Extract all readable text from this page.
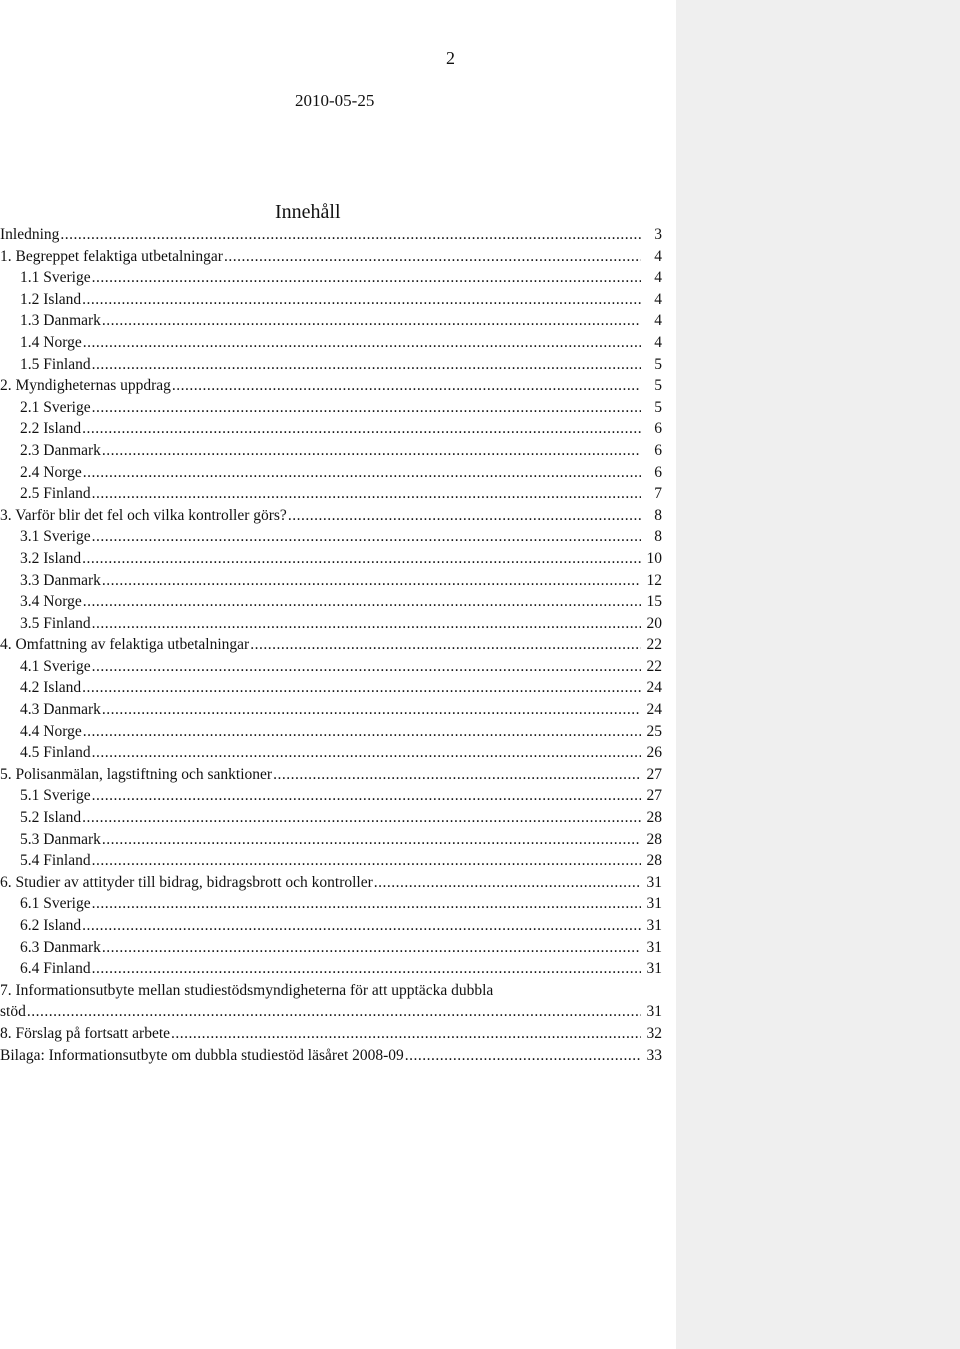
2
2010-05-25
Innehåll
Inledning .....	3
1. Begreppet felaktiga utbetalningar .....	4
1.1 Sverige .....	4
1.2 Island .....	4
1.3 Danmark .....	4
1.4 Norge .....	4
1.5 Finland .....	5
2. Myndigheternas uppdrag .....	5
2.1 Sverige .....	5
2.2 Island .....	6
2.3 Danmark .....	6
2.4 Norge .....	6
2.5 Finland .....	7
3. Varför blir det fel och vilka kontroller görs? .....	8
3.1 Sverige .....	8
3.2 Island .....	10
3.3 Danmark .....	12
3.4 Norge .....	15
3.5 Finland .....	20
4. Omfattning av felaktiga utbetalningar .....	22
4.1 Sverige .....	22
4.2 Island .....	24
4.3 Danmark .....	24
4.4 Norge .....	25
4.5 Finland .....	26
5. Polisanmälan, lagstiftning och sanktioner .....	27
5.1 Sverige .....	27
5.2 Island .....	28
5.3 Danmark .....	28
5.4 Finland .....	28
6. Studier av attityder till bidrag, bidragsbrott och kontroller .....	31
6.1 Sverige .....	31
6.2 Island .....	31
6.3 Danmark .....	31
6.4 Finland .....	31
7. Informationsutbyte mellan studiestödsmyndigheterna för att upptäcka dubbla
stöd .....	31
8. Förslag på fortsatt arbete .....	32
Bilaga: Informationsutbyte om dubbla studiestöd läsåret 2008-09 .....	33
